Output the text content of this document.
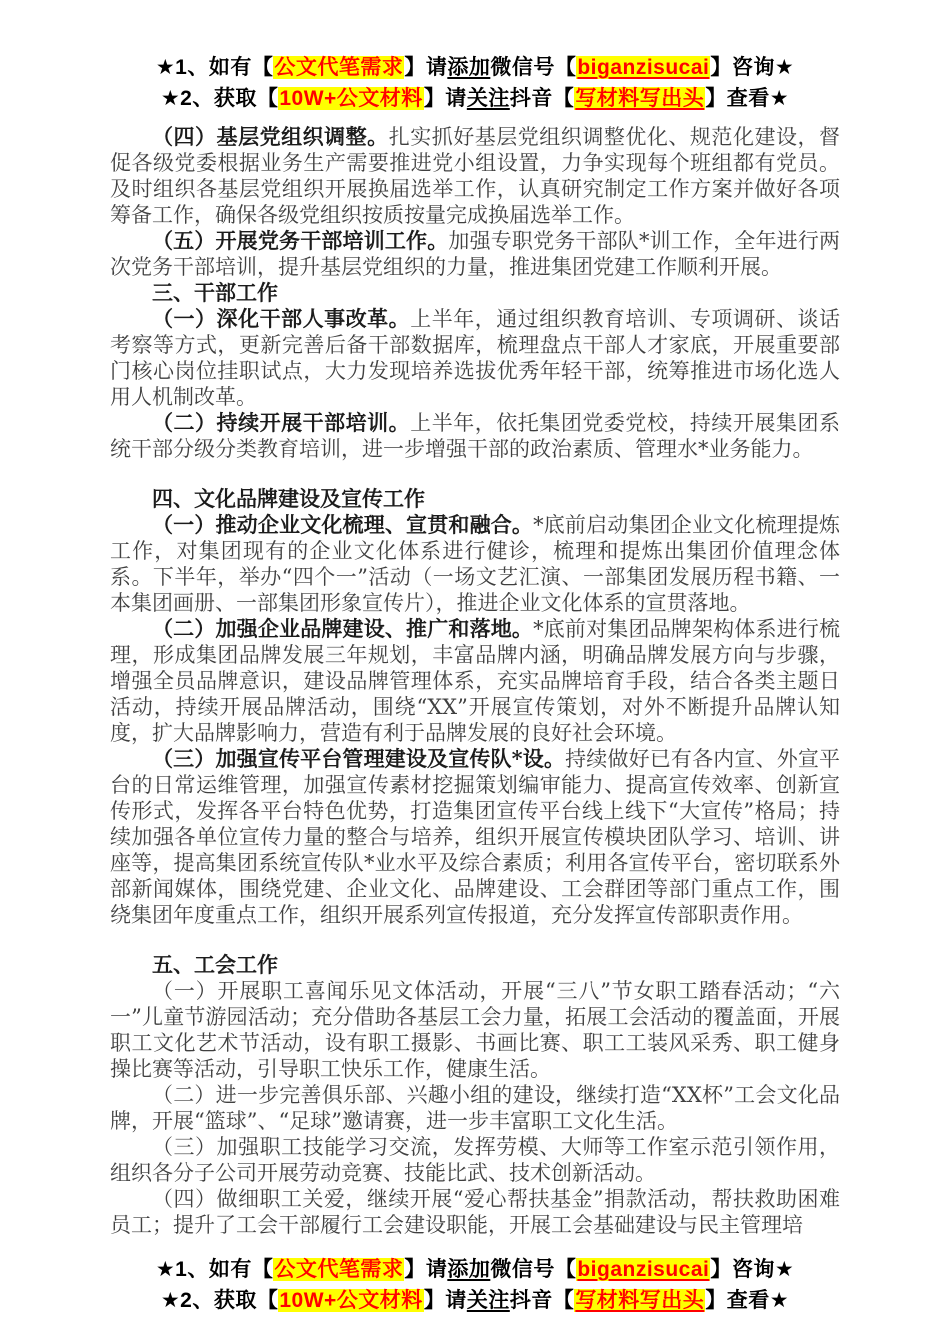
★1、如有【公文代笔需求】请添加微信号【biganzisucai】咨询★
★2、获取【10W+公文材料】请关注抖音【写材料写出头】查看★

（四）基层党组织调整。扎实抓好基层党组织调整优化、规范化建设，督促各级党委根据业务生产需要推进党小组设置，力争实现每个班组都有党员。及时组织各基层党组织开展换届选举工作，认真研究制定工作方案并做好各项筹备工作，确保各级党组织按质按量完成换届选举工作。

（五）开展党务干部培训工作。加强专职党务干部队*训工作，全年进行两次党务干部培训，提升基层党组织的力量，推进集团党建工作顺利开展。

三、干部工作

（一）深化干部人事改革。上半年，通过组织教育培训、专项调研、谈话考察等方式，更新完善后备干部数据库，梳理盘点干部人才家底，开展重要部门核心岗位挂职试点，大力发现培养选拔优秀年轻干部，统筹推进市场化选人用人机制改革。

（二）持续开展干部培训。上半年，依托集团党委党校，持续开展集团系统干部分级分类教育培训，进一步增强干部的政治素质、管理水*业务能力。

四、文化品牌建设及宣传工作

（一）推动企业文化梳理、宣贯和融合。*底前启动集团企业文化梳理提炼工作，对集团现有的企业文化体系进行健诊，梳理和提炼出集团价值理念体系。下半年，举办“四个一”活动（一场文艺汇演、一部集团发展历程书籍、一本集团画册、一部集团形象宣传片），推进企业文化体系的宣贯落地。

（二）加强企业品牌建设、推广和落地。*底前对集团品牌架构体系进行梳理，形成集团品牌发展三年规划，丰富品牌内涵，明确品牌发展方向与步骤，增强全员品牌意识，建设品牌管理体系，充实品牌培育手段，结合各类主题日活动，持续开展品牌活动，围绕“XX”开展宣传策划，对外不断提升品牌认知度，扩大品牌影响力，营造有利于品牌发展的良好社会环境。

（三）加强宣传平台管理建设及宣传队*设。持续做好已有各内宣、外宣平台的日常运维管理，加强宣传素材挖掘策划编审能力、提高宣传效率、创新宣传形式，发挥各平台特色优势，打造集团宣传平台线上线下“大宣传”格局；持续加强各单位宣传力量的整合与培养，组织开展宣传模块团队学习、培训、讲座等，提高集团系统宣传队*业水平及综合素质；利用各宣传平台，密切联系外部新闻媒体，围绕党建、企业文化、品牌建设、工会群团等部门重点工作，围绕集团年度重点工作，组织开展系列宣传报道，充分发挥宣传部职责作用。

五、工会工作

（一）开展职工喜闻乐见文体活动，开展“三八”节女职工踏春活动；“六一”儿童节游园活动；充分借助各基层工会力量，拓展工会活动的覆盖面，开展职工文化艺术节活动，设有职工摄影、书画比赛、职工工装风采秀、职工健身操比赛等活动，引导职工快乐工作，健康生活。

（二）进一步完善俱乐部、兴趣小组的建设，继续打造“XX杯”工会文化品牌，开展“篮球”、“足球”邀请赛，进一步丰富职工文化生活。

（三）加强职工技能学习交流，发挥劳模、大师等工作室示范引领作用，组织各分子公司开展劳动竞赛、技能比武、技术创新活动。

（四）做细职工关爱，继续开展“爱心帮扶基金”捐款活动，帮扶救助困难员工；提升了工会干部履行工会建设职能，开展工会基础建设与民主管理培

★1、如有【公文代笔需求】请添加微信号【biganzisucai】咨询★
★2、获取【10W+公文材料】请关注抖音【写材料写出头】查看★
